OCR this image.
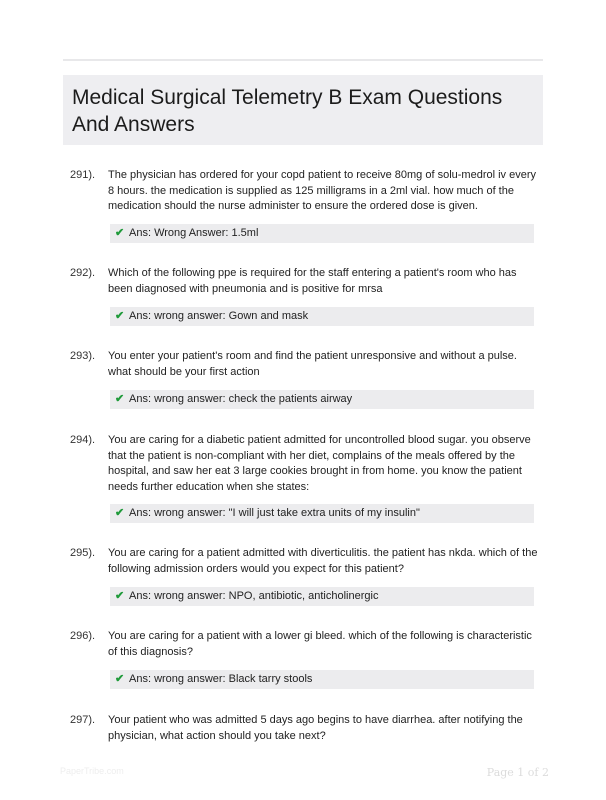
Medical Surgical Telemetry B Exam Questions And Answers
291). The physician has ordered for your copd patient to receive 80mg of solu-medrol iv every 8 hours. the medication is supplied as 125 milligrams in a 2ml vial. how much of the medication should the nurse administer to ensure the ordered dose is given.
✔ Ans: Wrong Answer: 1.5ml
292). Which of the following ppe is required for the staff entering a patient's room who has been diagnosed with pneumonia and is positive for mrsa
✔ Ans: wrong answer: Gown and mask
293). You enter your patient's room and find the patient unresponsive and without a pulse. what should be your first action
✔ Ans: wrong answer: check the patients airway
294). You are caring for a diabetic patient admitted for uncontrolled blood sugar. you observe that the patient is non-compliant with her diet, complains of the meals offered by the hospital, and saw her eat 3 large cookies brought in from home. you know the patient needs further education when she states:
✔ Ans: wrong answer: "I will just take extra units of my insulin"
295). You are caring for a patient admitted with diverticulitis. the patient has nkda. which of the following admission orders would you expect for this patient?
✔ Ans: wrong answer: NPO, antibiotic, anticholinergic
296). You are caring for a patient with a lower gi bleed. which of the following is characteristic of this diagnosis?
✔ Ans: wrong answer: Black tarry stools
297). Your patient who was admitted 5 days ago begins to have diarrhea. after notifying the physician, what action should you take next?
PaperTribe.com	Page 1 of 2
